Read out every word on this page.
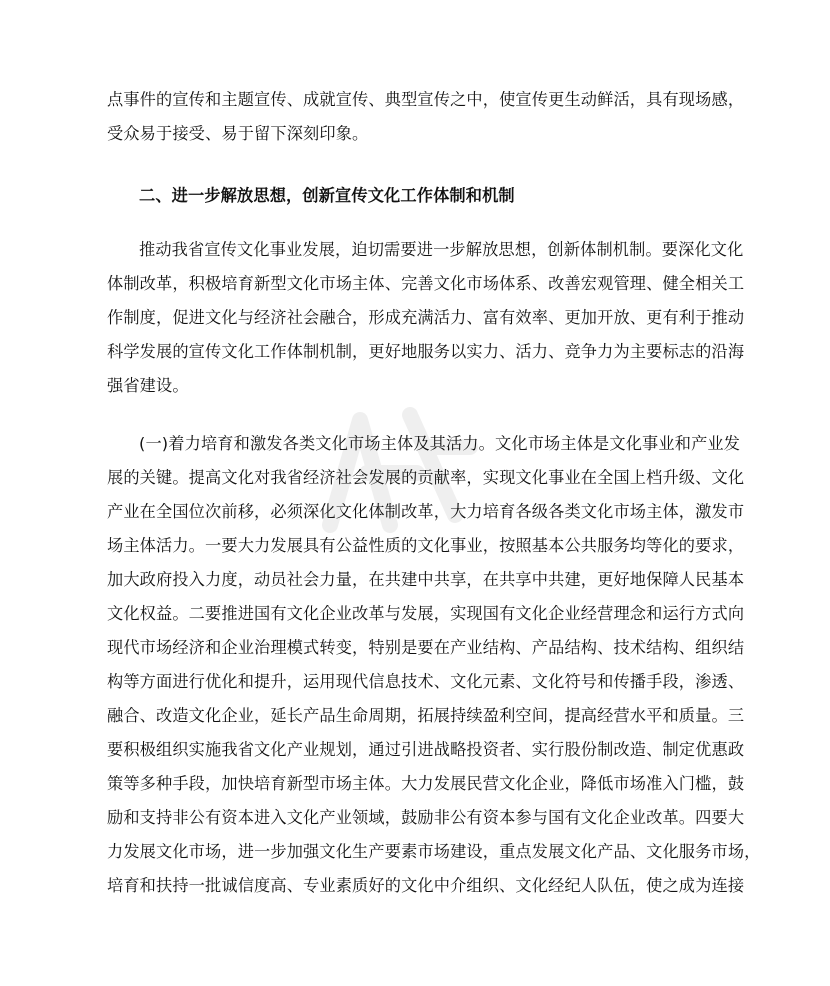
点事件的宣传和主题宣传、成就宣传、典型宣传之中，使宣传更生动鲜活，具有现场感，
受众易于接受、易于留下深刻印象。
二、进一步解放思想，创新宣传文化工作体制和机制
推动我省宣传文化事业发展，迫切需要进一步解放思想，创新体制机制。要深化文化
体制改革，积极培育新型文化市场主体、完善文化市场体系、改善宏观管理、健全相关工
作制度，促进文化与经济社会融合，形成充满活力、富有效率、更加开放、更有利于推动
科学发展的宣传文化工作体制机制，更好地服务以实力、活力、竞争力为主要标志的沿海
强省建设。
(一)着力培育和激发各类文化市场主体及其活力。文化市场主体是文化事业和产业发
展的关键。提高文化对我省经济社会发展的贡献率，实现文化事业在全国上档升级、文化
产业在全国位次前移，必须深化文化体制改革，大力培育各级各类文化市场主体，激发市
场主体活力。一要大力发展具有公益性质的文化事业，按照基本公共服务均等化的要求，
加大政府投入力度，动员社会力量，在共建中共享，在共享中共建，更好地保障人民基本
文化权益。二要推进国有文化企业改革与发展，实现国有文化企业经营理念和运行方式向
现代市场经济和企业治理模式转变，特别是要在产业结构、产品结构、技术结构、组织结
构等方面进行优化和提升，运用现代信息技术、文化元素、文化符号和传播手段，渗透、
融合、改造文化企业，延长产品生命周期，拓展持续盈利空间，提高经营水平和质量。三
要积极组织实施我省文化产业规划，通过引进战略投资者、实行股份制改造、制定优惠政
策等多种手段，加快培育新型市场主体。大力发展民营文化企业，降低市场准入门槛，鼓
励和支持非公有资本进入文化产业领域，鼓励非公有资本参与国有文化企业改革。四要大
力发展文化市场，进一步加强文化生产要素市场建设，重点发展文化产品、文化服务市场，
培育和扶持一批诚信度高、专业素质好的文化中介组织、文化经纪人队伍，使之成为连接
